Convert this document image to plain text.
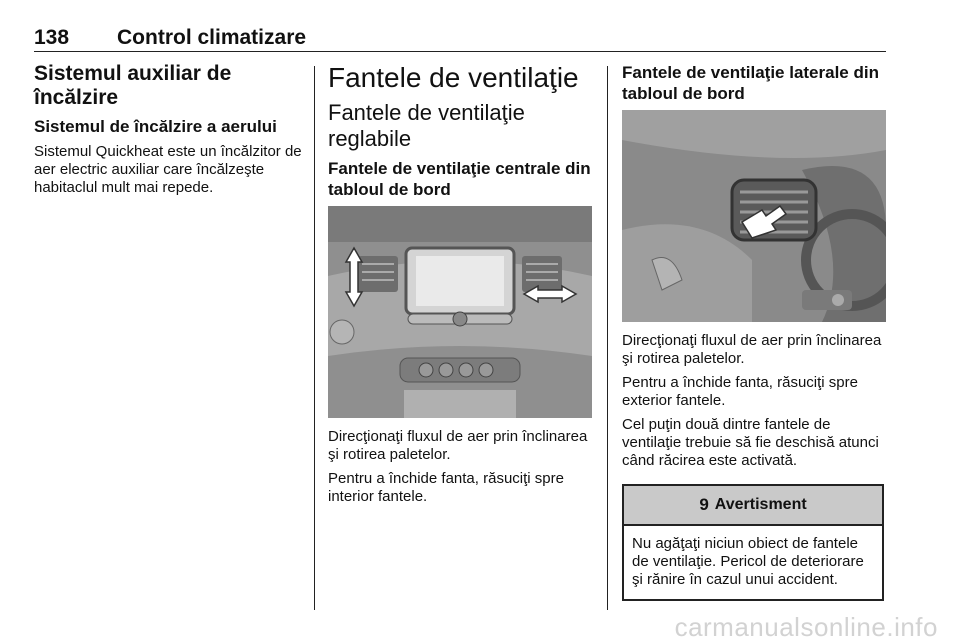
138 Control climatizare
Sistemul auxiliar de încălzire
Sistemul de încălzire a aerului

Sistemul Quickheat este un încălzitor de aer electric auxiliar care încălzeşte habitaclul mult mai repede.

Fantele de ventilaţie
Fantele de ventilaţie reglabile
Fantele de ventilaţie centrale din tabloul de bord

Direcţionaţi fluxul de aer prin înclinarea şi rotirea paletelor.

Pentru a închide fanta, răsuciţi spre interior fantele.

Fantele de ventilaţie laterale din tabloul de bord

Direcţionaţi fluxul de aer prin înclinarea şi rotirea paletelor.

Pentru a închide fanta, răsuciţi spre exterior fantele.

Cel puţin două dintre fantele de ventilaţie trebuie să fie deschisă atunci când răcirea este activată.

9 Avertisment
Nu agăţaţi niciun obiect de fantele de ventilaţie. Pericol de deteriorare şi rănire în cazul unui accident.
carmanualsonline.info
